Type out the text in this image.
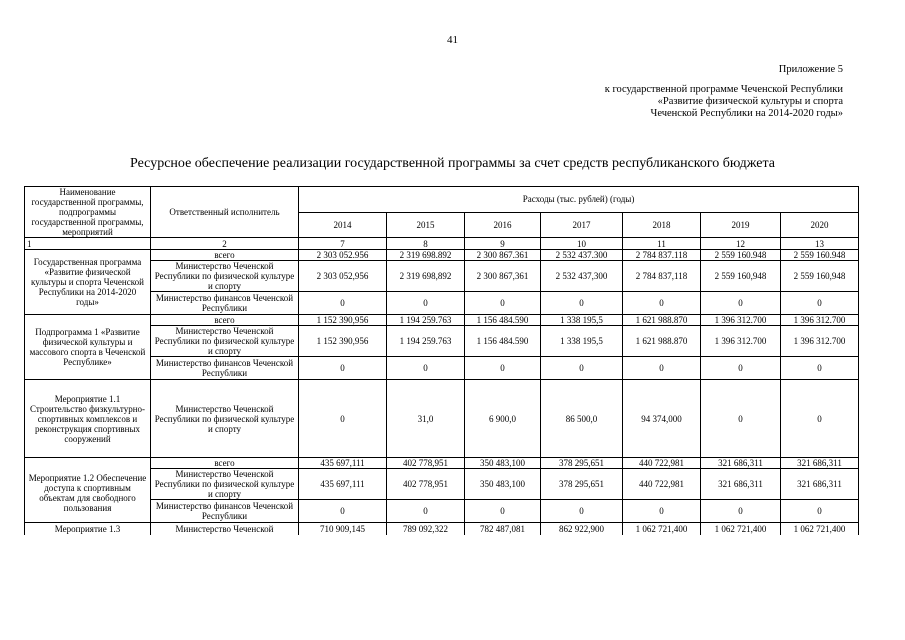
41
Приложение 5
к государственной программе Чеченской Республики
«Развитие физической культуры и спорта
Чеченской Республики на 2014-2020 годы»
Ресурсное обеспечение реализации государственной программы за счет средств республиканского бюджета
Наименование государственной программы, подпрограммы государственной программы, мероприятий	Ответственный исполнитель	Расходы (тыс. рублей) (годы)						
		2014	2015	2016	2017	2018	2019	2020
1	2	7	8	9	10	11	12	13
Государственная программа «Развитие физической культуры и спорта Чеченской Республики на 2014-2020 годы»	всего	2 303 052.956	2 319 698.892	2 300 867.361	2 532 437.300	2 784 837.118	2 559 160.948	2 559 160.948
	Министерство Чеченской Республики по физической культуре и спорту	2 303 052,956	2 319 698,892	2 300 867,361	2 532 437,300	2 784 837,118	2 559 160,948	2 559 160,948
	Министерство финансов Чеченской Республики	0	0	0	0	0	0	0
Подпрограмма 1 «Развитие физической культуры и массового спорта в Чеченской Республике»	всего	1 152 390,956	1 194 259.763	1 156 484.590	1 338 195,5	1 621 988.870	1 396 312.700	1 396 312.700
	Министерство Чеченской Республики по физической культуре и спорту	1 152 390,956	1 194 259.763	1 156 484.590	1 338 195,5	1 621 988.870	1 396 312.700	1 396 312.700
	Министерство финансов Чеченской Республики	0	0	0	0	0	0	0
Мероприятие 1.1 Строительство физкультурно-спортивных комплексов и реконструкция спортивных сооружений	Министерство Чеченской Республики по физической культуре и спорту	0	31,0	6 900,0	86 500,0	94 374,000	0	0
Мероприятие 1.2 Обеспечение доступа к спортивным объектам для свободного пользования	всего	435 697,111	402 778,951	350 483,100	378 295,651	440 722,981	321 686,311	321 686,311
	Министерство Чеченской Республики по физической культуре и спорту	435 697,111	402 778,951	350 483,100	378 295,651	440 722,981	321 686,311	321 686,311
	Министерство финансов Чеченской Республики	0	0	0	0	0	0	0
Мероприятие 1.3	Министерство Чеченской	710 909,145	789 092,322	782 487,081	862 922,900	1 062 721,400	1 062 721,400	1 062 721,400
